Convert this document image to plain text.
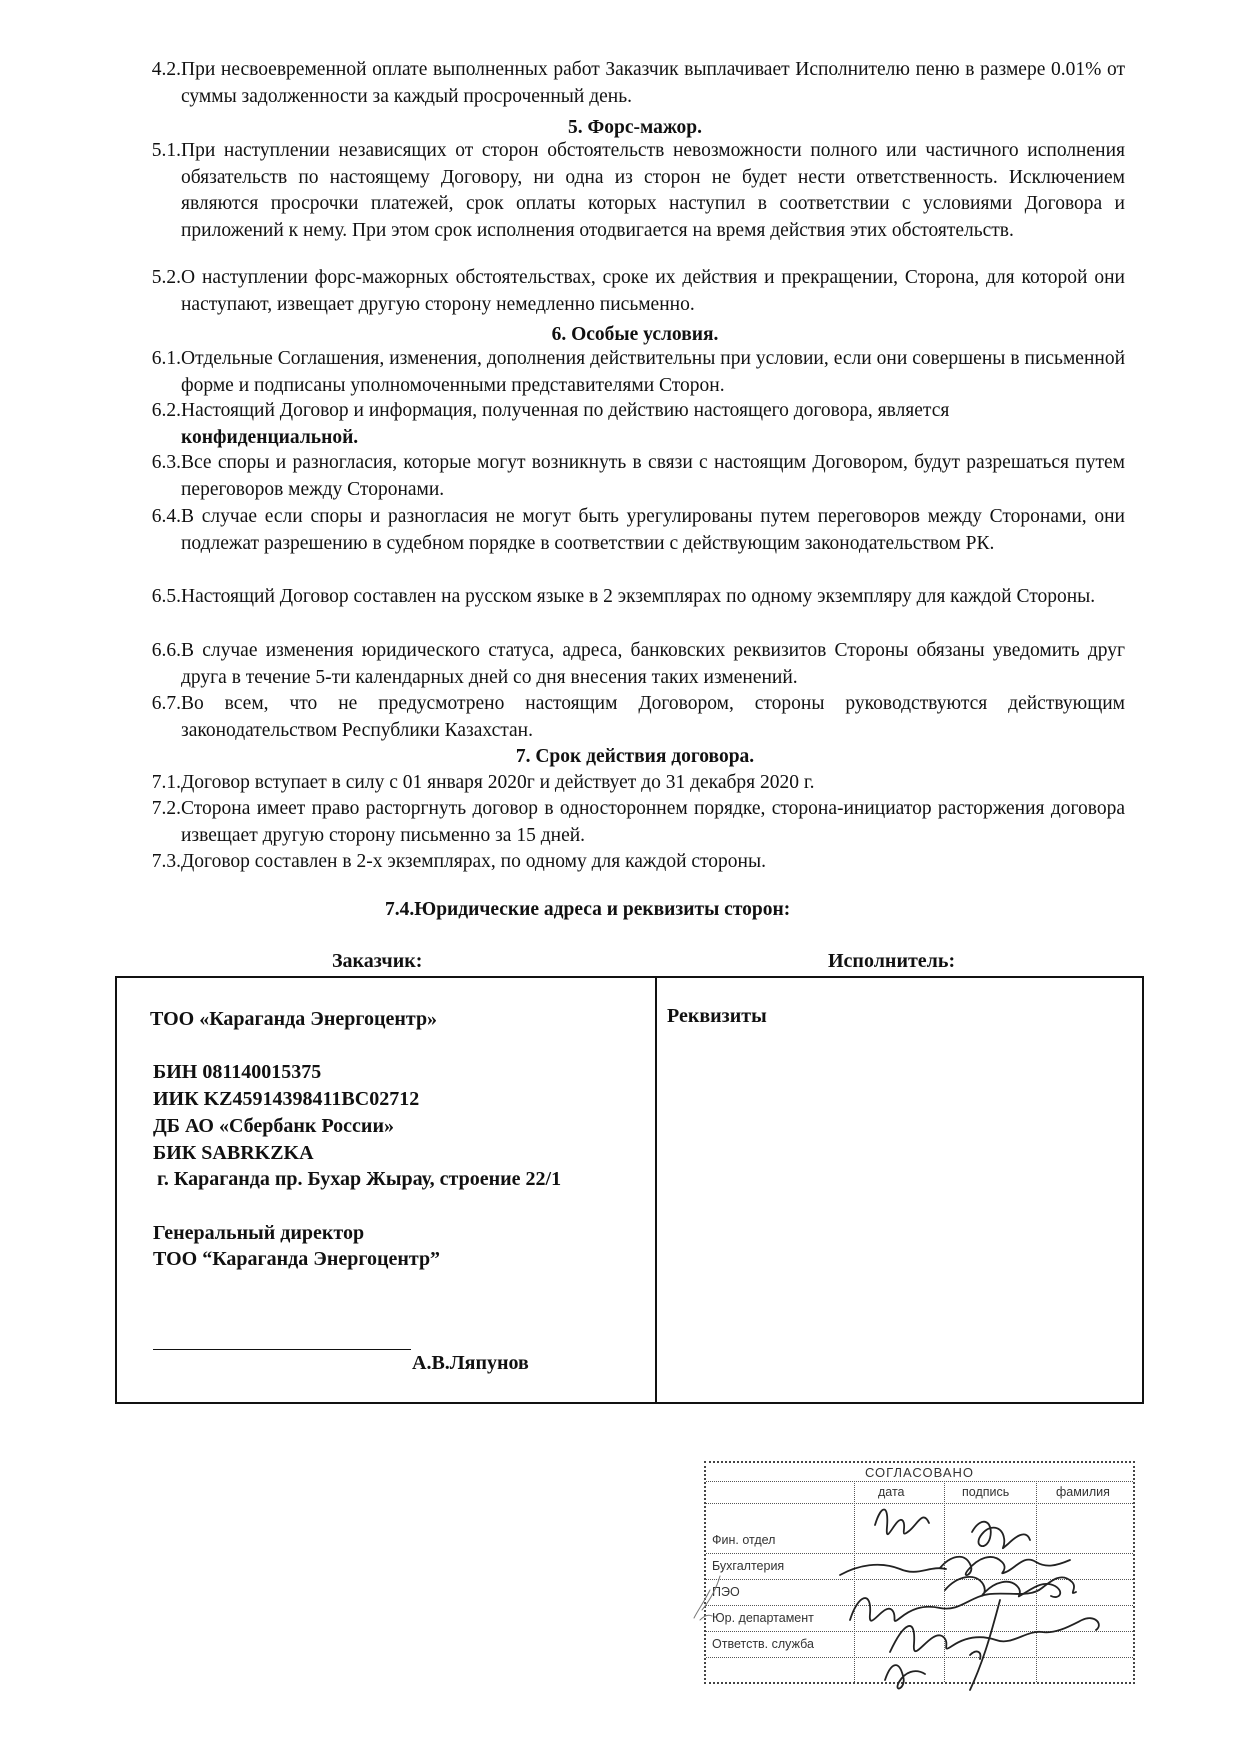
4.2. При несвоевременной оплате выполненных работ Заказчик выплачивает Исполнителю пеню в размере 0.01% от суммы задолженности за каждый просроченный день.
5. Форс-мажор.
5.1. При наступлении независящих от сторон обстоятельств невозможности полного или частичного исполнения обязательств по настоящему Договору, ни одна из сторон не будет нести ответственность. Исключением являются просрочки платежей, срок оплаты которых наступил в соответствии с условиями Договора и приложений к нему. При этом срок исполнения отодвигается на время действия этих обстоятельств.
5.2. О наступлении форс-мажорных обстоятельствах, сроке их действия и прекращении, Сторона, для которой они наступают, извещает другую сторону немедленно письменно.
6. Особые условия.
6.1. Отдельные Соглашения, изменения, дополнения действительны при условии, если они совершены в письменной форме и подписаны уполномоченными представителями Сторон.
6.2. Настоящий Договор и информация, полученная по действию настоящего договора, является
конфиденциальной.
6.3. Все споры и разногласия, которые могут возникнуть в связи с настоящим Договором, будут разрешаться путем переговоров между Сторонами.
6.4. В случае если споры и разногласия не могут быть урегулированы путем переговоров между Сторонами, они подлежат разрешению в судебном порядке в соответствии с действующим законодательством РК.
6.5. Настоящий Договор составлен на русском языке в 2 экземплярах по одному экземпляру для каждой Стороны.
6.6. В случае изменения юридического статуса, адреса, банковских реквизитов Стороны обязаны уведомить друг друга в течение 5-ти календарных дней со дня внесения таких изменений.
6.7. Во всем, что не предусмотрено настоящим Договором, стороны руководствуются действующим законодательством Республики Казахстан.
7. Срок действия договора.
7.1. Договор вступает в силу с 01 января 2020г и действует до 31 декабря 2020 г.
7.2. Сторона имеет право расторгнуть договор в одностороннем порядке, сторона-инициатор расторжения договора извещает другую сторону письменно за 15 дней.
7.3. Договор составлен в 2-х экземплярах, по одному для каждой стороны.
7.4.Юридические адреса и реквизиты сторон:
Заказчик:	Исполнитель:
ТОО «Караганда Энергоцентр»
БИН 081140015375
ИИК KZ45914398411BC02712
ДБ АО «Сбербанк России»
БИК SABRKZKA
г. Караганда пр. Бухар Жырау, строение 22/1
Генеральный директор
ТОО “Караганда Энергоцентр”
А.В.Ляпунов
Реквизиты
СОГЛАСОВАНО
дата	подпись	фамилия
Фин. отдел
Бухгалтерия
ПЭО
Юр. департамент
Ответств. служба
